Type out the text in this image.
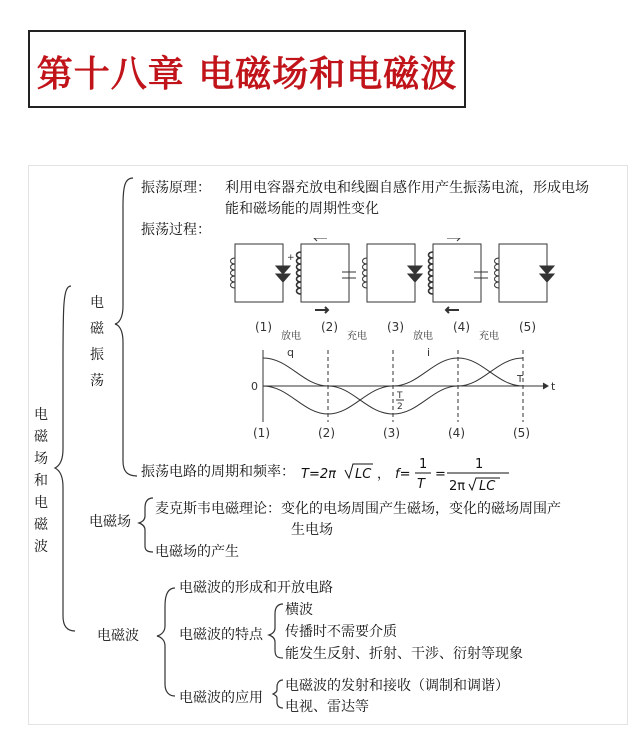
第十八章 电磁场和电磁波
电磁场和电磁波
电磁振荡
振荡原理： 利用电容器充放电和线圈自感作用产生振荡电流，形成电场
能和磁场能的周期性变化
振荡过程：
+
(1)	(2)	(3)	(4)	(5)
放电	充电	放电	充电
0
q	i
T
2
T
t
(1)	(2)	(3)	(4)	(5)
振荡电路的周期和频率： T=2π LC ， f=
1
T
=
1
2π LC
电磁场
麦克斯韦电磁理论：变化的电场周围产生磁场，变化的磁场周围产
生电场
电磁场的产生
电磁波
电磁波的形成和开放电路
电磁波的特点
横波
传播时不需要介质
能发生反射、折射、干涉、衍射等现象
电磁波的应用
电磁波的发射和接收（调制和调谐）
电视、雷达等
